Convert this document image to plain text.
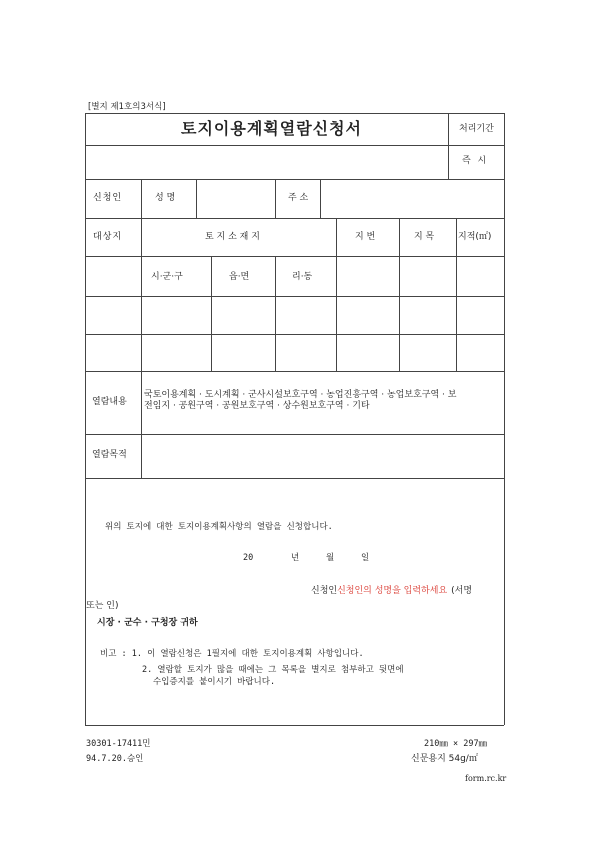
[별지 제1호의3서식]
토지이용계획열람신청서	처리기간
즉 시
신청인	성 명	주 소
대상지	토 지 소 재 지	지 번	지 목	지적(㎡)
시·군·구	읍·면	리·동
열람내용
국토이용계획 · 도시계획 · 군사시설보호구역 · 농업진흥구역 · 농업보호구역 · 보
전임지 · 공원구역 · 공원보호구역 · 상수원보호구역 · 기타
열람목적
위의 토지에 대한 토지이용계획사항의 열람을 신청합니다.
20	년	월	일
신청인신청인의 성명을 입력하세요 (서명
또는 인)
시장 · 군수 · 구청장 귀하
비고 : 1. 이 열람신청은 1필지에 대한 토지이용계획 사항입니다.
2. 열람할 토지가 많을 때에는 그 목록을 별지로 첨부하고 뒷면에
수입증지를 붙이시기 바랍니다.
30301-17411민
94.7.20.승인
210㎜ × 297㎜
신문용지 54g/㎡
form.rc.kr
